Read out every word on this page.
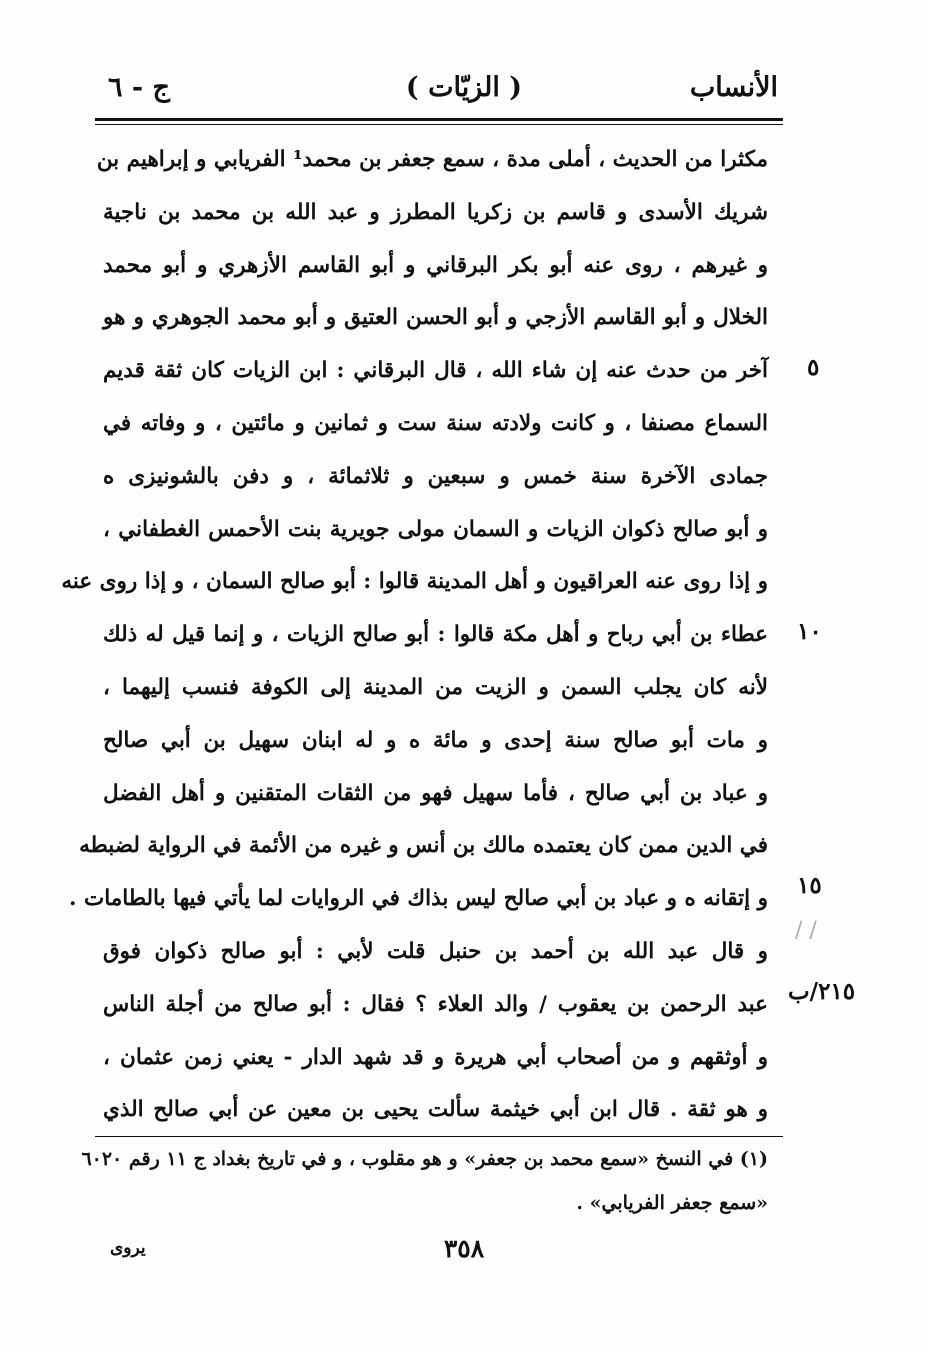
الأنساب
( الزيّات )
ج - ٦
مكثرا من الحديث ، أملى مدة ، سمع جعفر بن محمد¹ الفريابي و إبراهيم بن
شريك الأسدى و قاسم بن زكريا المطرز و عبد الله بن محمد بن ناجية
و غيرهم ، روى عنه أبو بكر البرقاني و أبو القاسم الأزهري و أبو محمد
الخلال و أبو القاسم الأزجي و أبو الحسن العتيق و أبو محمد الجوهري و هو
آخر من حدث عنه إن شاء الله ، قال البرقاني : ابن الزيات كان ثقة قديم
السماع مصنفا ، و كانت ولادته سنة ست و ثمانين و مائتين ، و وفاته في
جمادى الآخرة سنة خمس و سبعين و ثلاثمائة ، و دفن بالشونيزى ه
و أبو صالح ذكوان الزيات و السمان مولى جويرية بنت الأحمس الغطفاني ،
و إذا روى عنه العراقيون و أهل المدينة قالوا : أبو صالح السمان ، و إذا روى عنه
عطاء بن أبي رباح و أهل مكة قالوا : أبو صالح الزيات ، و إنما قيل له ذلك
لأنه كان يجلب السمن و الزيت من المدينة إلى الكوفة فنسب إليهما ،
و مات أبو صالح سنة إحدى و مائة ه و له ابنان سهيل بن أبي صالح
و عباد بن أبي صالح ، فأما سهيل فهو من الثقات المتقنين و أهل الفضل
في الدين ممن كان يعتمده مالك بن أنس و غيره من الأئمة في الرواية لضبطه
و إتقانه ه و عباد بن أبي صالح ليس بذاك في الروايات لما يأتي فيها بالطامات .
و قال عبد الله بن أحمد بن حنبل قلت لأبي : أبو صالح ذكوان فوق
عبد الرحمن بن يعقوب / والد العلاء ؟ فقال : أبو صالح من أجلة الناس
و أوثقهم و من أصحاب أبي هريرة و قد شهد الدار - يعني زمن عثمان ،
و هو ثقة . قال ابن أبي خيثمة سألت يحيى بن معين عن أبي صالح الذي
٥
١٠
١٥
٢١٥/ب
/ /
(١) في النسخ «سمع محمد بن جعفر» و هو مقلوب ، و في تاريخ بغداد ج ١١ رقم ٦٠٢٠
«سمع جعفر الفريابي» .
يروى	٣٥٨
